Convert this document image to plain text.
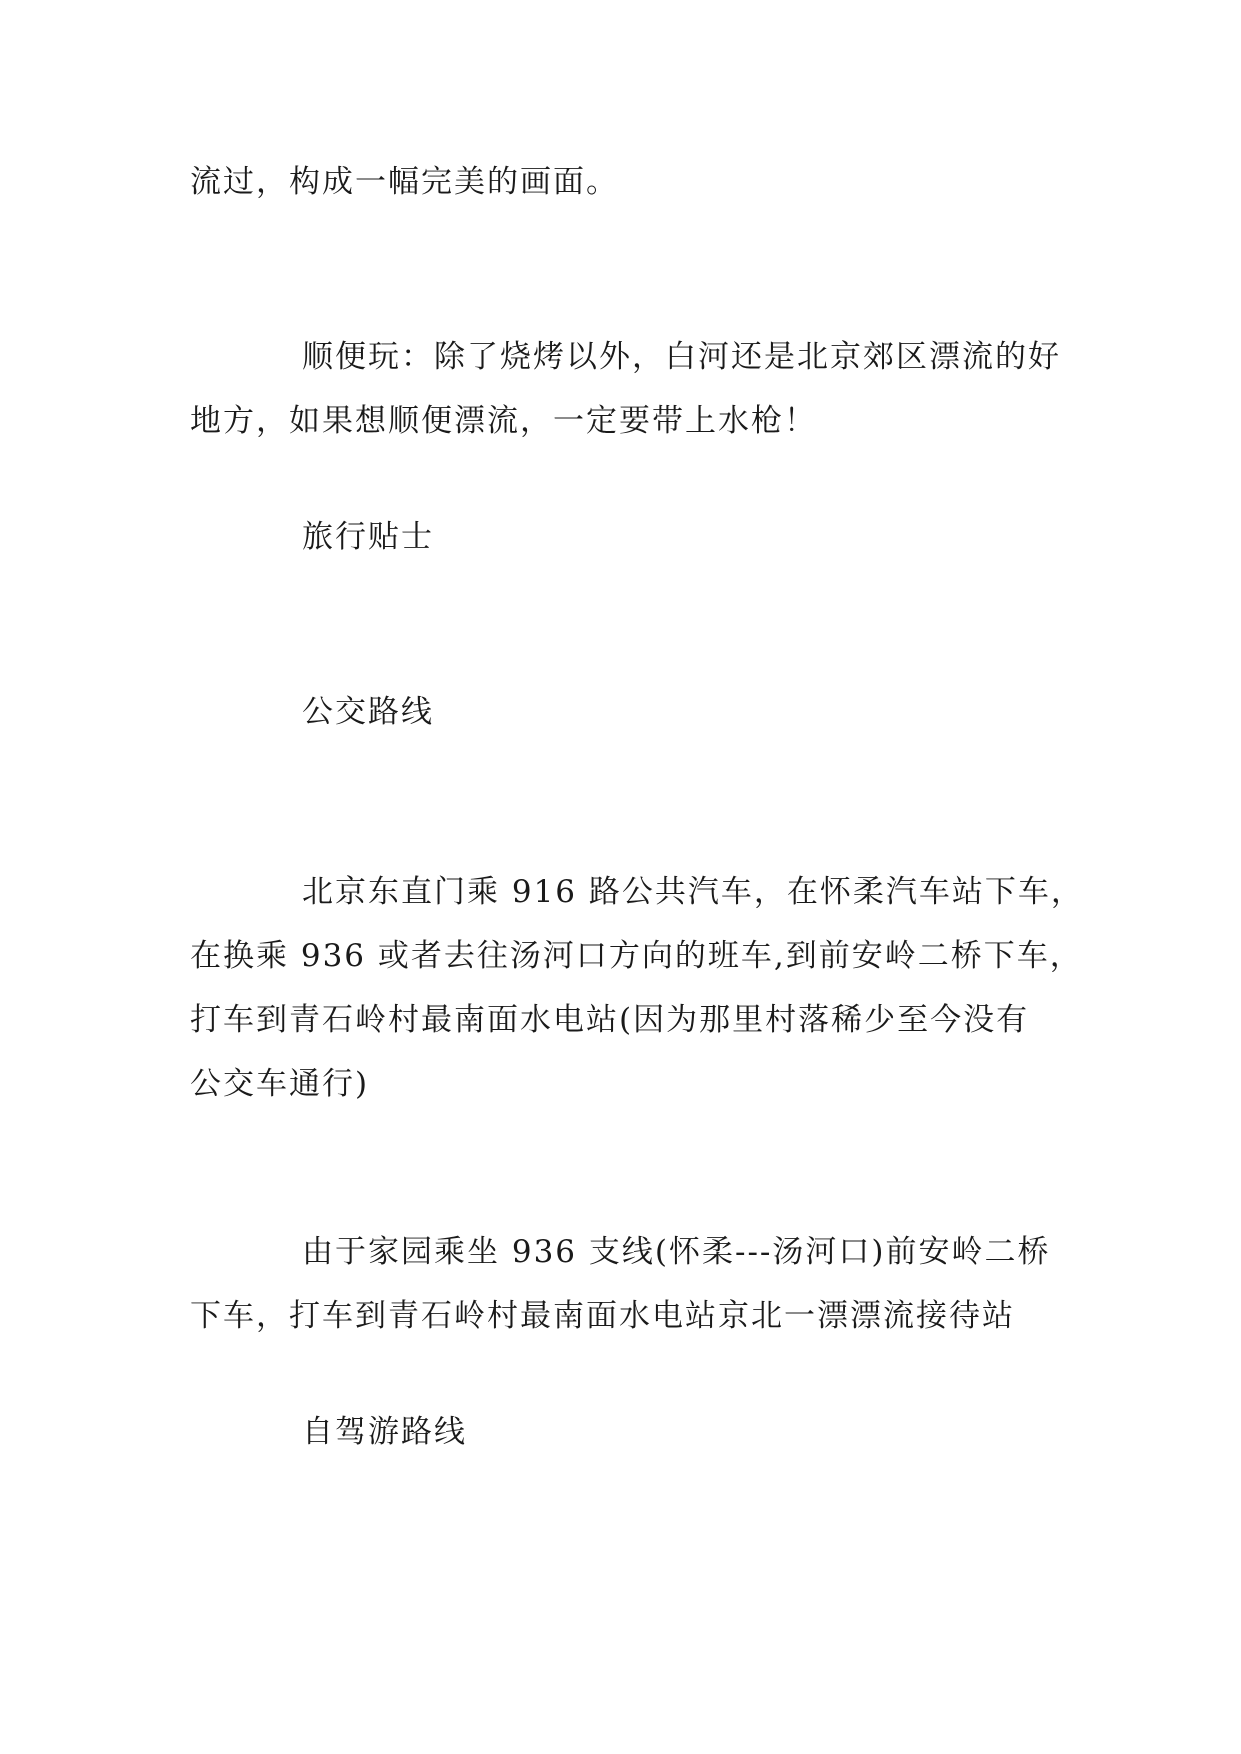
流过，构成一幅完美的画面。

顺便玩：除了烧烤以外，白河还是北京郊区漂流的好
地方，如果想顺便漂流，一定要带上水枪！

旅行贴士

公交路线

北京东直门乘 916 路公共汽车，在怀柔汽车站下车，
在换乘 936 或者去往汤河口方向的班车,到前安岭二桥下车，
打车到青石岭村最南面水电站(因为那里村落稀少至今没有
公交车通行)

由于家园乘坐 936 支线(怀柔---汤河口)前安岭二桥
下车，打车到青石岭村最南面水电站京北一漂漂流接待站

自驾游路线
